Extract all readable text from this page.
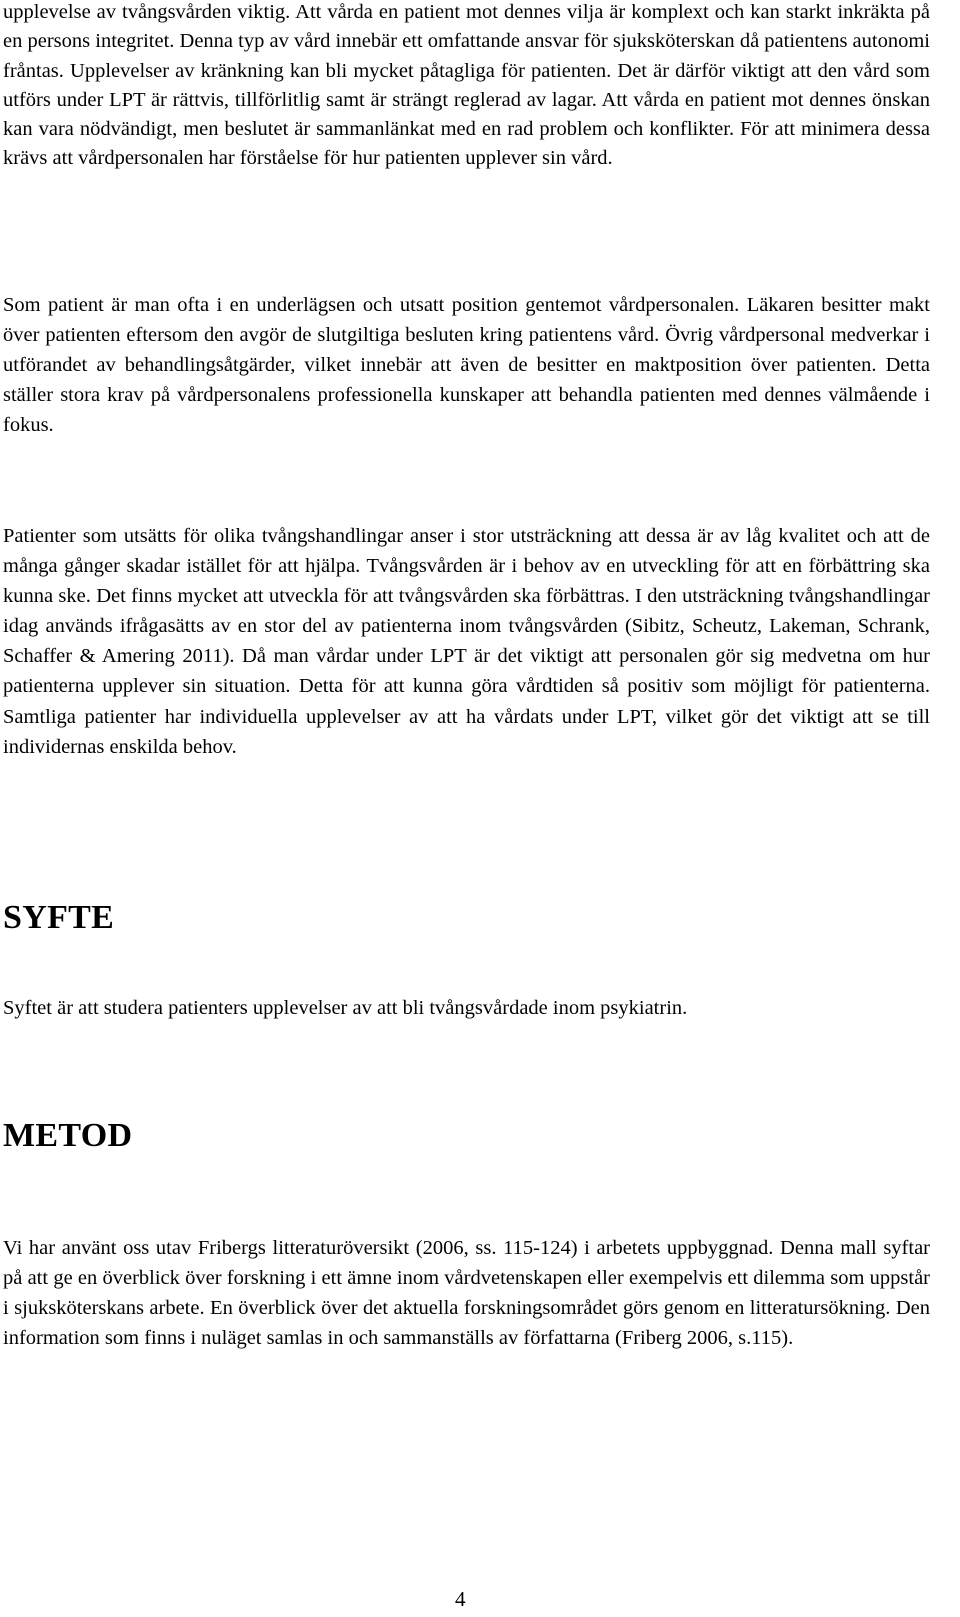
upplevelse av tvångsvården viktig. Att vårda en patient mot dennes vilja är komplext och kan starkt inkräkta på en persons integritet. Denna typ av vård innebär ett omfattande ansvar för sjuksköterskan då patientens autonomi fråntas. Upplevelser av kränkning kan bli mycket påtagliga för patienten. Det är därför viktigt att den vård som utförs under LPT är rättvis, tillförlitlig samt är strängt reglerad av lagar. Att vårda en patient mot dennes önskan kan vara nödvändigt, men beslutet är sammanlänkat med en rad problem och konflikter. För att minimera dessa krävs att vårdpersonalen har förståelse för hur patienten upplever sin vård.

Som patient är man ofta i en underlägsen och utsatt position gentemot vårdpersonalen. Läkaren besitter makt över patienten eftersom den avgör de slutgiltiga besluten kring patientens vård. Övrig vårdpersonal medverkar i utförandet av behandlingsåtgärder, vilket innebär att även de besitter en maktposition över patienten. Detta ställer stora krav på vårdpersonalens professionella kunskaper att behandla patienten med dennes välmående i fokus.

Patienter som utsätts för olika tvångshandlingar anser i stor utsträckning att dessa är av låg kvalitet och att de många gånger skadar istället för att hjälpa. Tvångsvården är i behov av en utveckling för att en förbättring ska kunna ske. Det finns mycket att utveckla för att tvångsvården ska förbättras. I den utsträckning tvångshandlingar idag används ifrågasätts av en stor del av patienterna inom tvångsvården (Sibitz, Scheutz, Lakeman, Schrank, Schaffer & Amering 2011). Då man vårdar under LPT är det viktigt att personalen gör sig medvetna om hur patienterna upplever sin situation. Detta för att kunna göra vårdtiden så positiv som möjligt för patienterna. Samtliga patienter har individuella upplevelser av att ha vårdats under LPT, vilket gör det viktigt att se till individernas enskilda behov.

SYFTE

Syftet är att studera patienters upplevelser av att bli tvångsvårdade inom psykiatrin.

METOD

Vi har använt oss utav Fribergs litteraturöversikt (2006, ss. 115-124) i arbetets uppbyggnad. Denna mall syftar på att ge en överblick över forskning i ett ämne inom vårdvetenskapen eller exempelvis ett dilemma som uppstår i sjuksköterskans arbete. En överblick över det aktuella forskningsområdet görs genom en litteratursökning. Den information som finns i nuläget samlas in och sammanställs av författarna (Friberg 2006, s.115).

4
